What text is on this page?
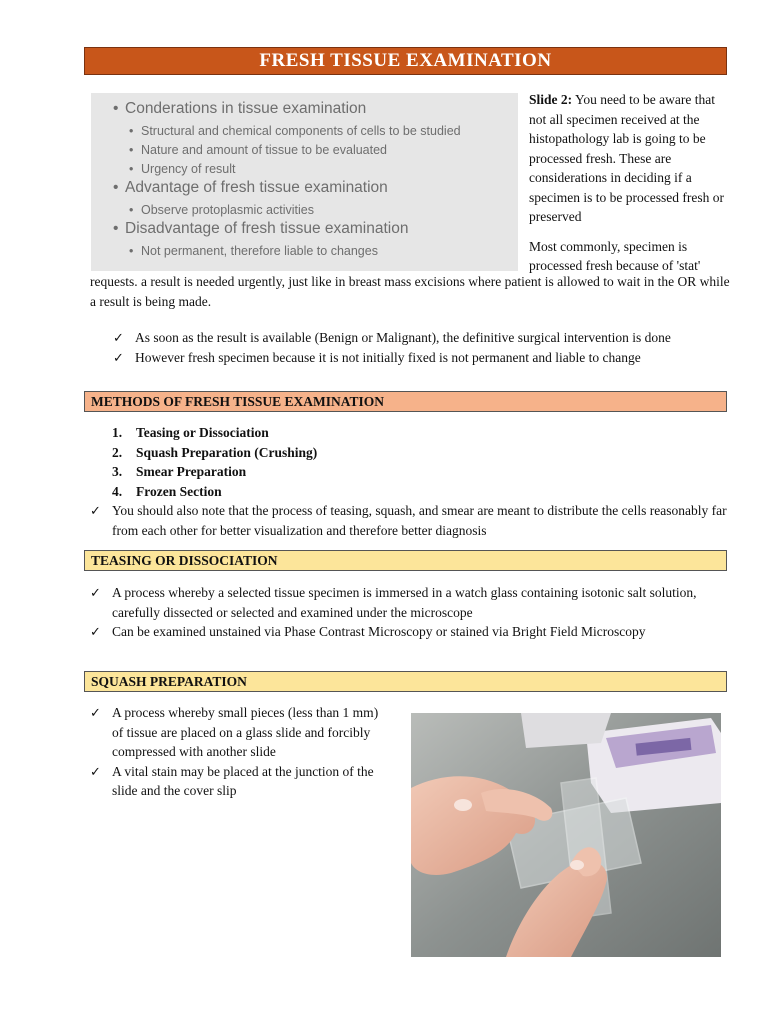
FRESH TISSUE EXAMINATION
• Conderations in tissue examination
• Structural and chemical components of cells to be studied
• Nature and amount of tissue to be evaluated
• Urgency of result
• Advantage of fresh tissue examination
• Observe protoplasmic activities
• Disadvantage of fresh tissue examination
• Not permanent, therefore liable to changes

Slide 2: You need to be aware that not all specimen received at the histopathology lab is going to be processed fresh. These are considerations in deciding if a specimen is to be processed fresh or preserved

Most commonly, specimen is processed fresh because of 'stat'

requests. a result is needed urgently, just like in breast mass excisions where patient is allowed to wait in the OR while a result is being made.
✓ As soon as the result is available (Benign or Malignant), the definitive surgical intervention is done
✓ However fresh specimen because it is not initially fixed is not permanent and liable to change
METHODS OF FRESH TISSUE EXAMINATION
1. Teasing or Dissociation
2. Squash Preparation (Crushing)
3. Smear Preparation
4. Frozen Section
✓ You should also note that the process of teasing, squash, and smear are meant to distribute the cells reasonably far from each other for better visualization and therefore better diagnosis
TEASING OR DISSOCIATION
✓ A process whereby a selected tissue specimen is immersed in a watch glass containing isotonic salt solution, carefully dissected or selected and examined under the microscope
✓ Can be examined unstained via Phase Contrast Microscopy or stained via Bright Field Microscopy
SQUASH PREPARATION
✓ A process whereby small pieces (less than 1 mm) of tissue are placed on a glass slide and forcibly compressed with another slide
✓ A vital stain may be placed at the junction of the slide and the cover slip
